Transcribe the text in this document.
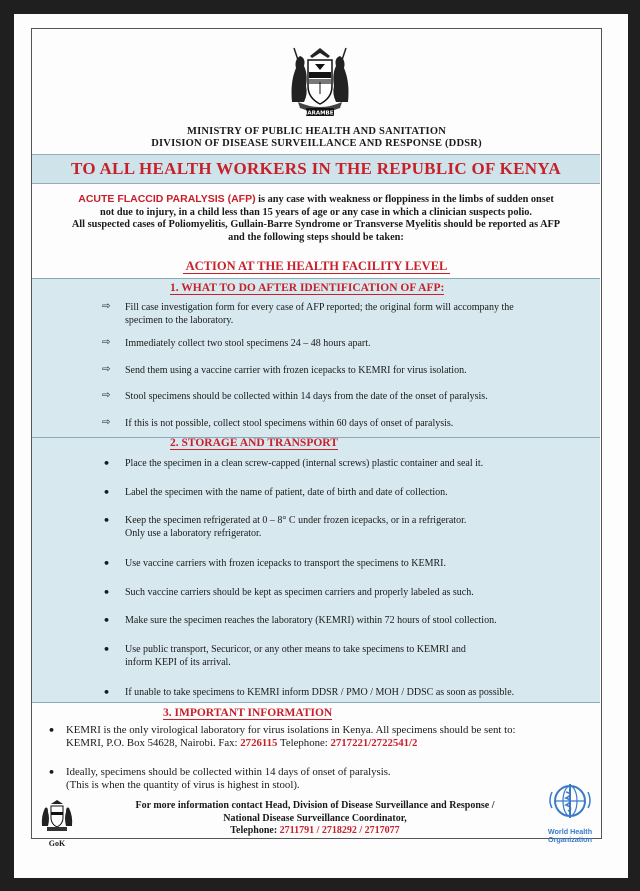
HARAMBEE
MINISTRY OF PUBLIC HEALTH AND SANITATION
DIVISION OF DISEASE SURVEILLANCE AND RESPONSE (DDSR)
TO ALL HEALTH WORKERS IN THE REPUBLIC OF KENYA
ACUTE FLACCID PARALYSIS (AFP) is any case with weakness or floppiness in the limbs of sudden onset
not due to injury, in a child less than 15 years of age or any case in which a clinician suspects polio.
All suspected cases of Poliomyelitis, Gullain-Barre Syndrome or Transverse Myelitis should be reported as AFP
and the following steps should be taken:
ACTION AT THE HEALTH FACILITY LEVEL
1. WHAT TO DO AFTER IDENTIFICATION OF AFP:
2. STORAGE AND TRANSPORT
3. IMPORTANT INFORMATION
• KEMRI is the only virological laboratory for virus isolations in Kenya. All specimens should be sent to:
KEMRI, P.O. Box 54628, Nairobi. Fax: 2726115 Telephone: 2717221/2722541/2
• Ideally, specimens should be collected within 14 days of onset of paralysis.
(This is when the quantity of virus is highest in stool).
GoK
For more information contact Head, Division of Disease Surveillance and Response /
National Disease Surveillance Coordinator,
Telephone: 2711791 / 2718292 / 2717077	World Health
Organization
⇨ Fill case investigation form for every case of AFP reported; the original form will accompany the
specimen to the laboratory.
⇨ Immediately collect two stool specimens 24 – 48 hours apart.
⇨ Send them using a vaccine carrier with frozen icepacks to KEMRI for virus isolation.
⇨ Stool specimens should be collected within 14 days from the date of the onset of paralysis.
⇨ If this is not possible, collect stool specimens within 60 days of onset of paralysis.
• Place the specimen in a clean screw-capped (internal screws) plastic container and seal it.
• Label the specimen with the name of patient, date of birth and date of collection.
• Keep the specimen refrigerated at 0 – 8° C under frozen icepacks, or in a refrigerator.
Only use a laboratory refrigerator.
• Use vaccine carriers with frozen icepacks to transport the specimens to KEMRI.
• Such vaccine carriers should be kept as specimen carriers and properly labeled as such.
• Make sure the specimen reaches the laboratory (KEMRI) within 72 hours of stool collection.
• Use public transport, Securicor, or any other means to take specimens to KEMRI and
inform KEPI of its arrival.
• If unable to take specimens to KEMRI inform DDSR / PMO / MOH / DDSC as soon as possible.
